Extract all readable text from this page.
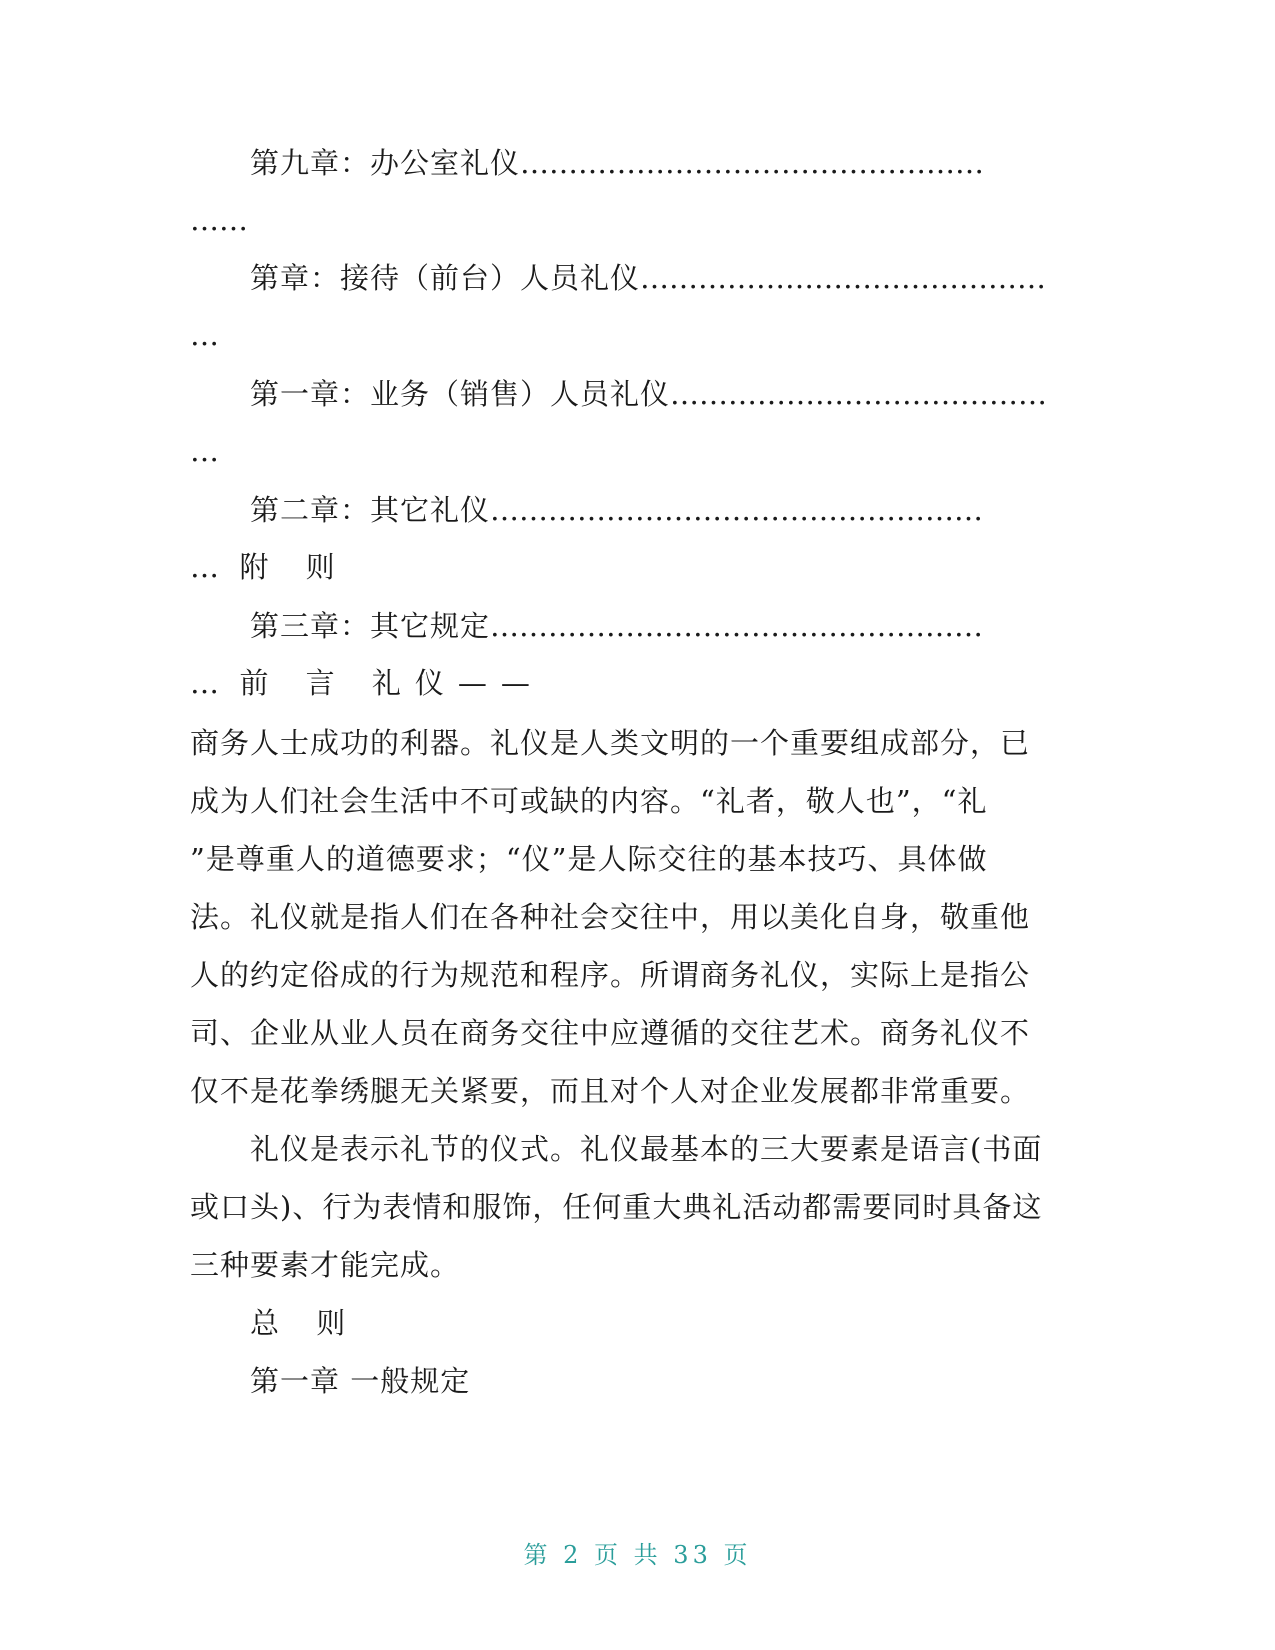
第九章：办公室礼仪…………………………………………
……
第章：接待（前台）人员礼仪……………………………………
…
第一章：业务（销售）人员礼仪…………………………………
…
第二章：其它礼仪……………………………………………
… 附 则
第三章：其它规定……………………………………………
… 前 言 礼仪——
商务人士成功的利器。礼仪是人类文明的一个重要组成部分，已
成为人们社会生活中不可或缺的内容。“礼者，敬人也”，“礼
”是尊重人的道德要求；“仪”是人际交往的基本技巧、具体做
法。礼仪就是指人们在各种社会交往中，用以美化自身，敬重他
人的约定俗成的行为规范和程序。所谓商务礼仪，实际上是指公
司、企业从业人员在商务交往中应遵循的交往艺术。商务礼仪不
仅不是花拳绣腿无关紧要，而且对个人对企业发展都非常重要。
礼仪是表示礼节的仪式。礼仪最基本的三大要素是语言(书面
或口头)、行为表情和服饰，任何重大典礼活动都需要同时具备这
三种要素才能完成。
总 则
第一章 一般规定
第 2 页 共 33 页
